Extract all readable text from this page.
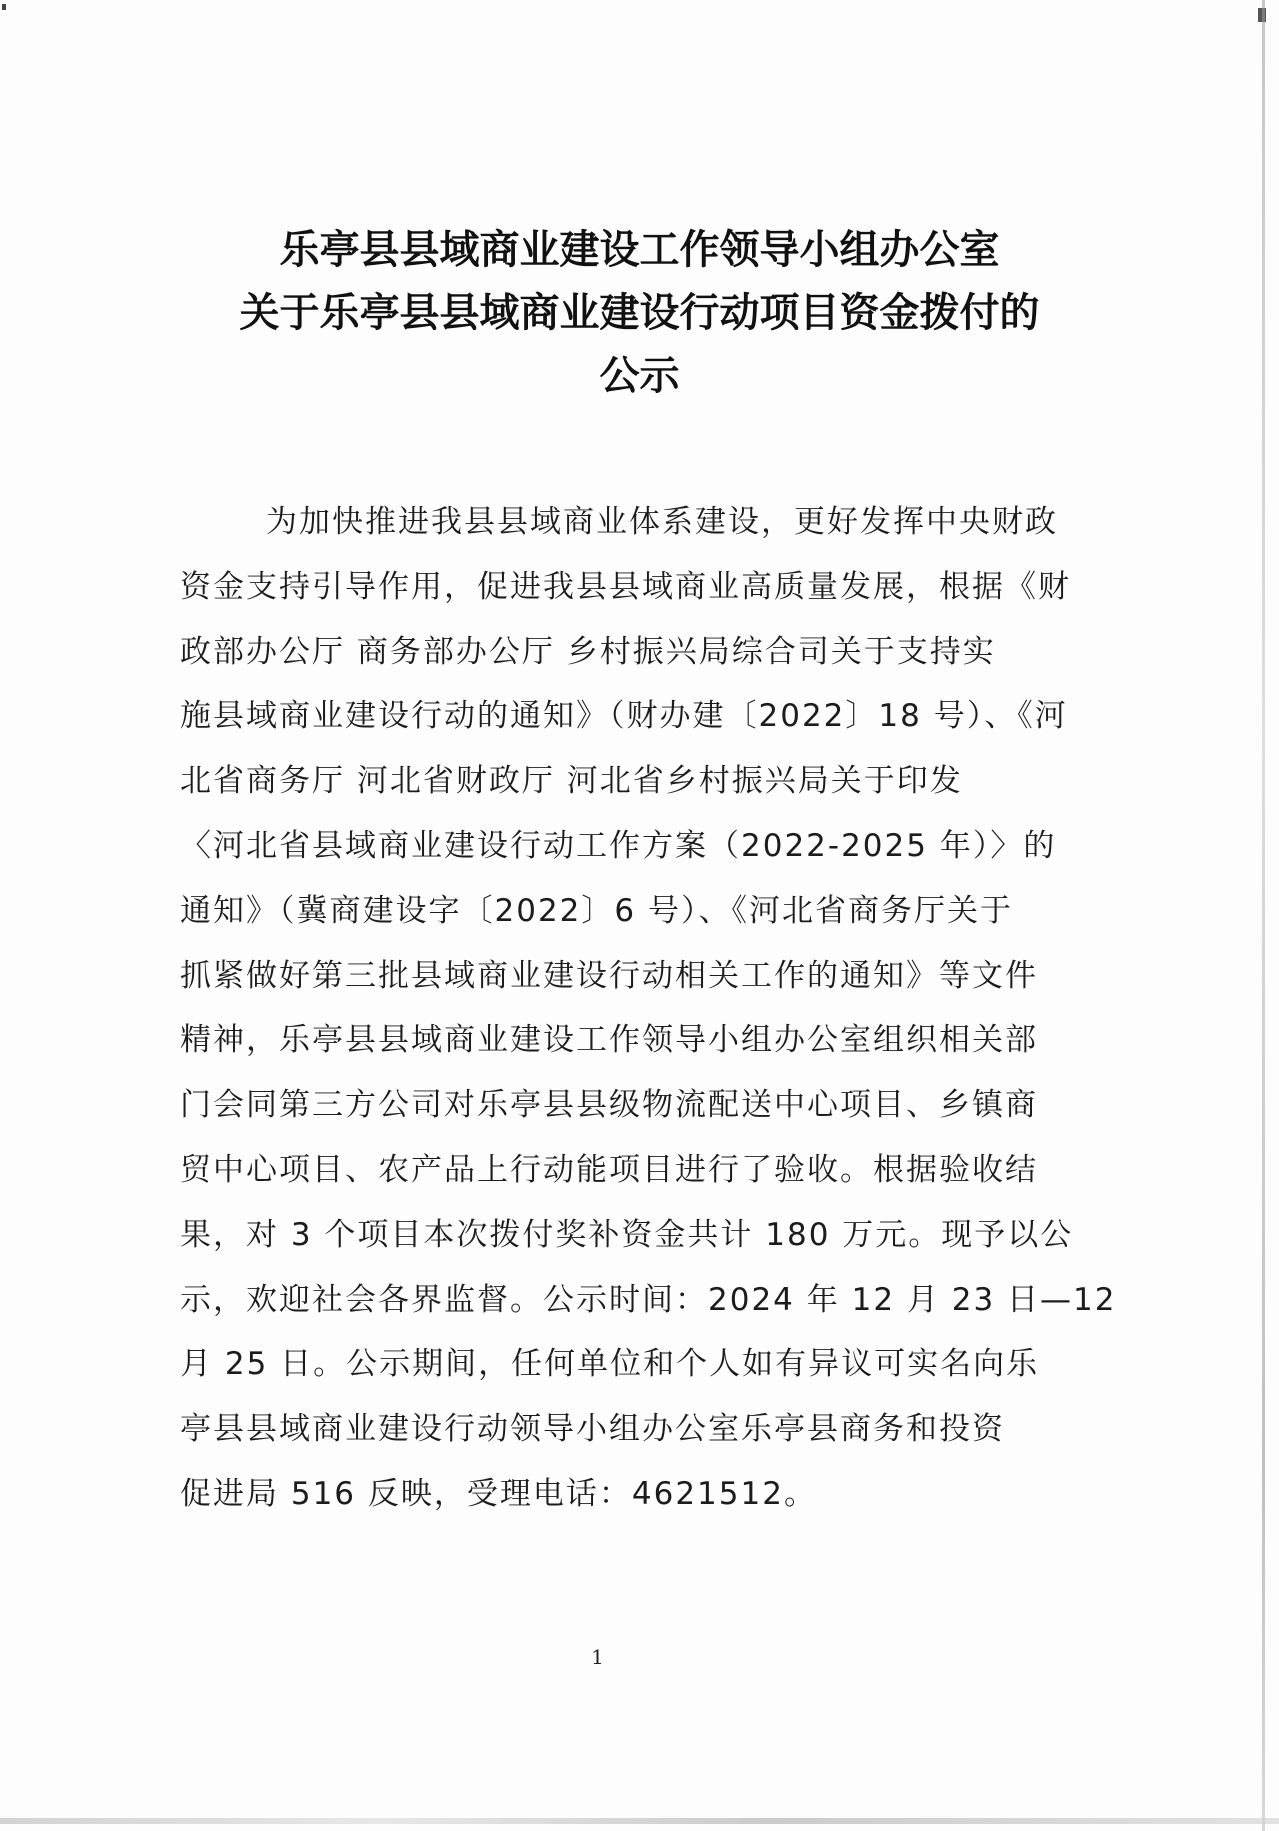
乐亭县县域商业建设工作领导小组办公室
关于乐亭县县域商业建设行动项目资金拨付的
公示
为加快推进我县县域商业体系建设，更好发挥中央财政
资金支持引导作用，促进我县县域商业高质量发展，根据《财
政部办公厅 商务部办公厅 乡村振兴局综合司关于支持实
施县域商业建设行动的通知》（财办建〔2022〕18 号）、《河
北省商务厅 河北省财政厅 河北省乡村振兴局关于印发
〈河北省县域商业建设行动工作方案（2022-2025 年）〉的
通知》（冀商建设字〔2022〕6 号）、《河北省商务厅关于
抓紧做好第三批县域商业建设行动相关工作的通知》等文件
精神，乐亭县县域商业建设工作领导小组办公室组织相关部
门会同第三方公司对乐亭县县级物流配送中心项目、乡镇商
贸中心项目、农产品上行动能项目进行了验收。根据验收结
果，对 3 个项目本次拨付奖补资金共计 180 万元。现予以公
示，欢迎社会各界监督。公示时间：2024 年 12 月 23 日—12
月 25 日。公示期间，任何单位和个人如有异议可实名向乐
亭县县域商业建设行动领导小组办公室乐亭县商务和投资
促进局 516 反映，受理电话：4621512。
1
